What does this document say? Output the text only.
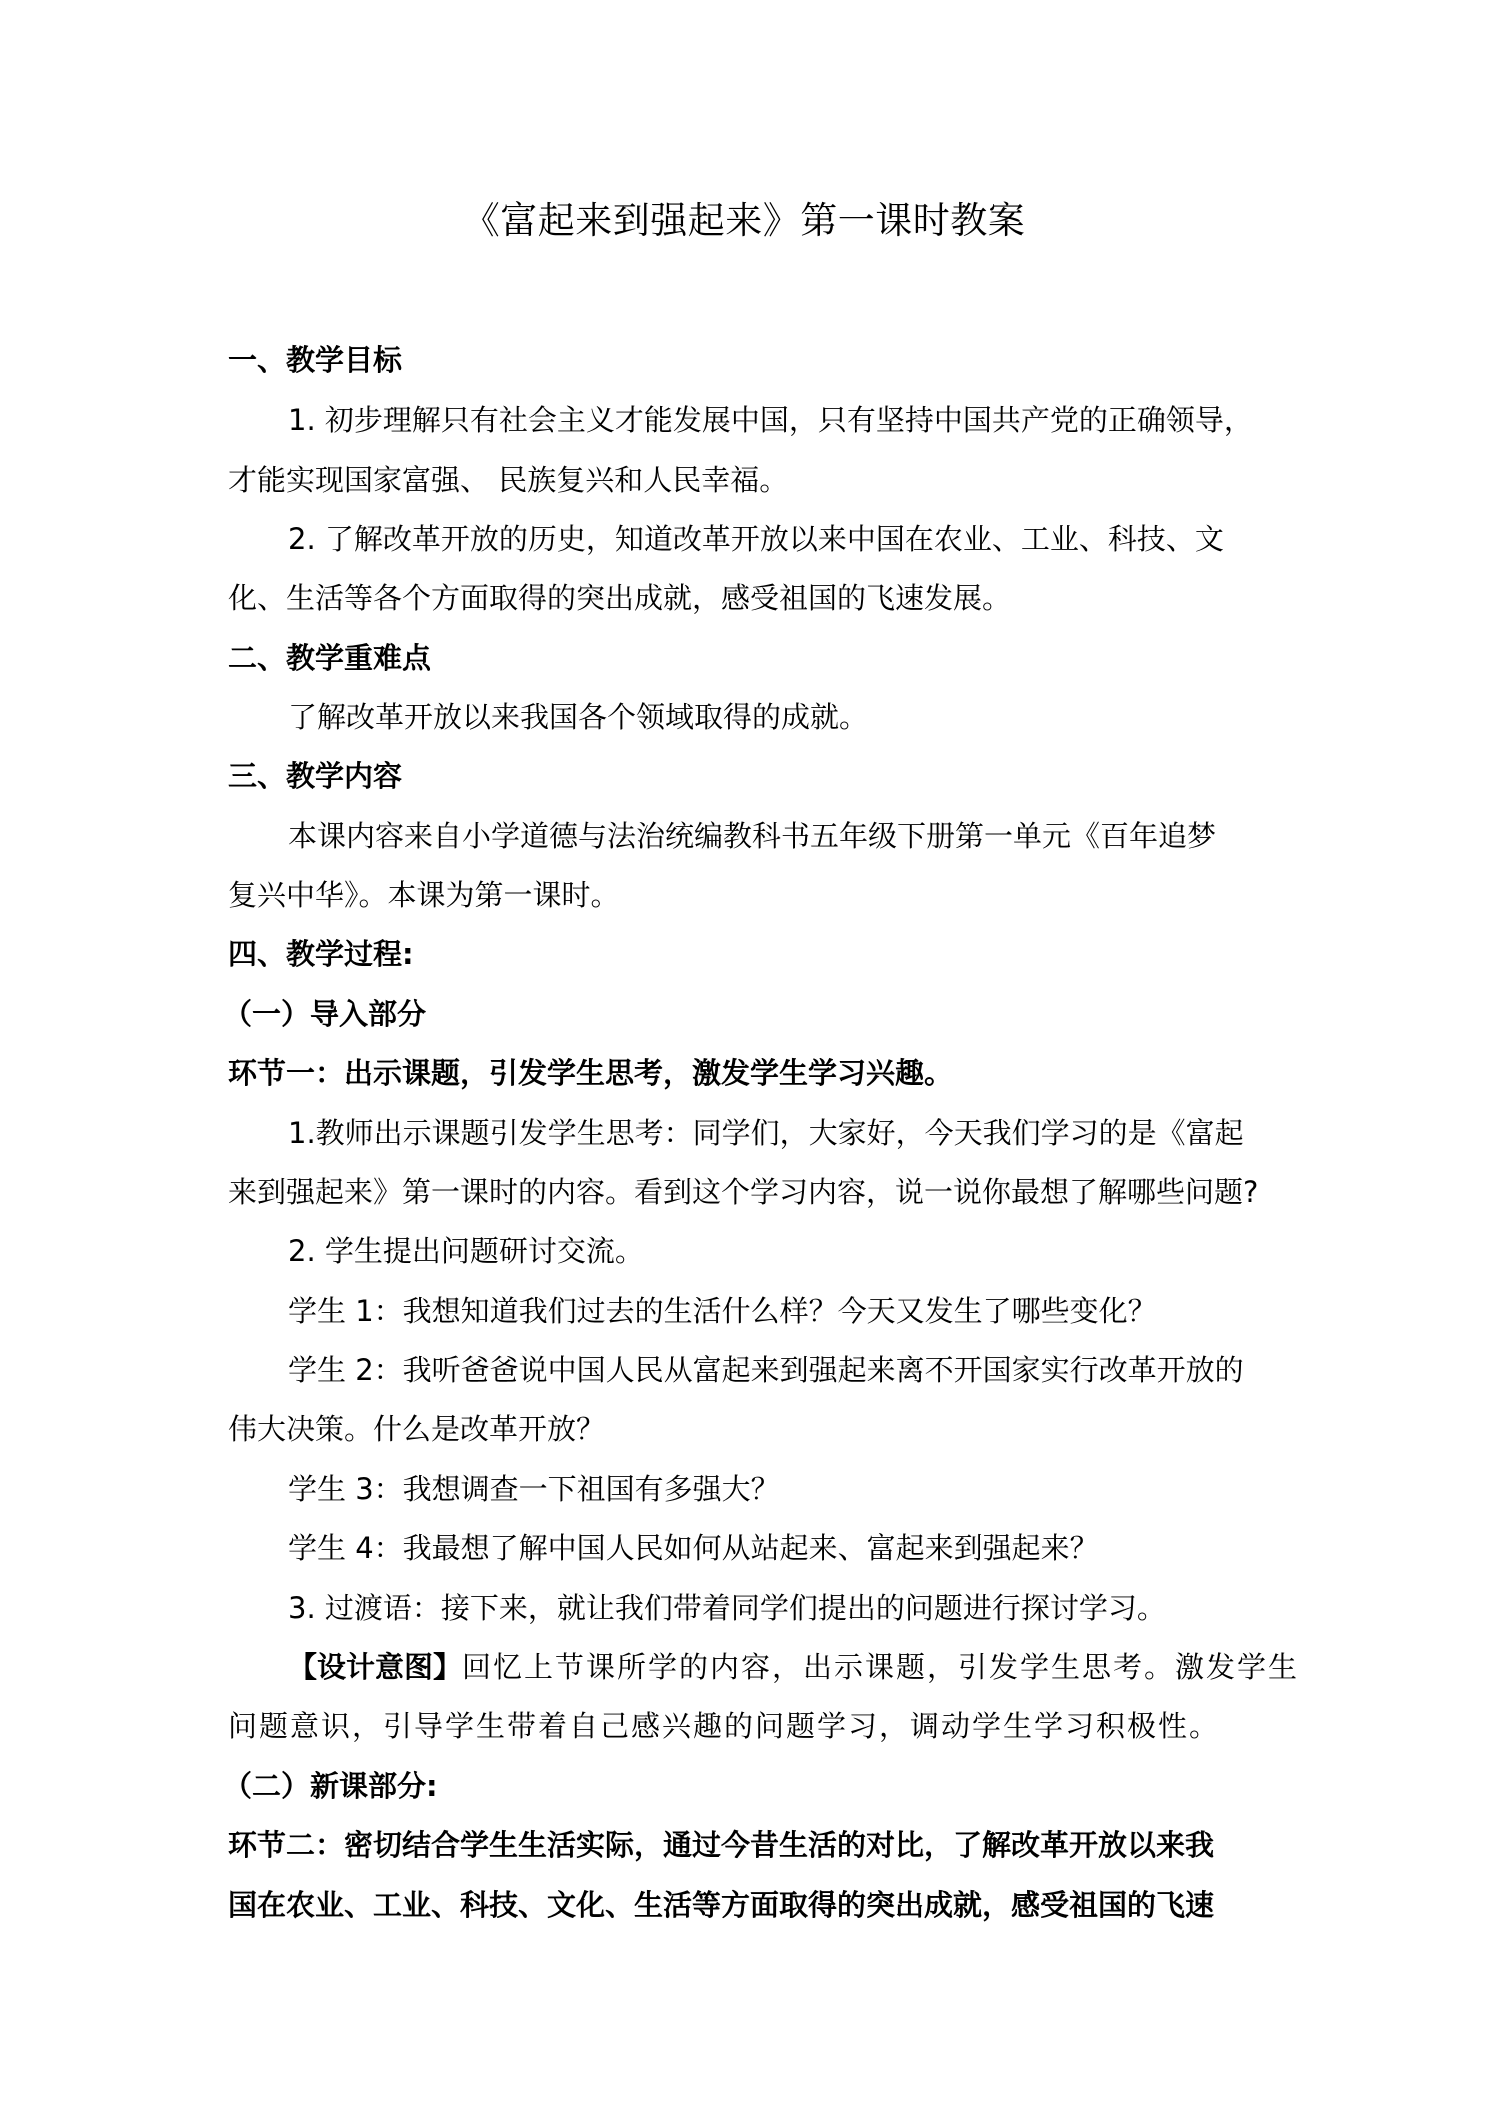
《富起来到强起来》第一课时教案
一、教学目标
1. 初步理解只有社会主义才能发展中国，只有坚持中国共产党的正确领导，
才能实现国家富强、 民族复兴和人民幸福。
2. 了解改革开放的历史，知道改革开放以来中国在农业、工业、科技、文
化、生活等各个方面取得的突出成就，感受祖国的飞速发展。
二、教学重难点
了解改革开放以来我国各个领域取得的成就。
三、教学内容
本课内容来自小学道德与法治统编教科书五年级下册第一单元《百年追梦
复兴中华》。本课为第一课时。
四、教学过程:
（一）导入部分
环节一：出示课题，引发学生思考，激发学生学习兴趣。
1.教师出示课题引发学生思考：同学们，大家好，今天我们学习的是《富起
来到强起来》第一课时的内容。看到这个学习内容，说一说你最想了解哪些问题?
2. 学生提出问题研讨交流。
学生 1：我想知道我们过去的生活什么样？今天又发生了哪些变化？
学生 2：我听爸爸说中国人民从富起来到强起来离不开国家实行改革开放的
伟大决策。什么是改革开放？
学生 3：我想调查一下祖国有多强大？
学生 4：我最想了解中国人民如何从站起来、富起来到强起来？
3. 过渡语：接下来，就让我们带着同学们提出的问题进行探讨学习。
【设计意图】回忆上节课所学的内容，出示课题，引发学生思考。激发学生
问题意识，引导学生带着自己感兴趣的问题学习，调动学生学习积极性。
（二）新课部分:
环节二：密切结合学生生活实际，通过今昔生活的对比，了解改革开放以来我
国在农业、工业、科技、文化、生活等方面取得的突出成就，感受祖国的飞速
